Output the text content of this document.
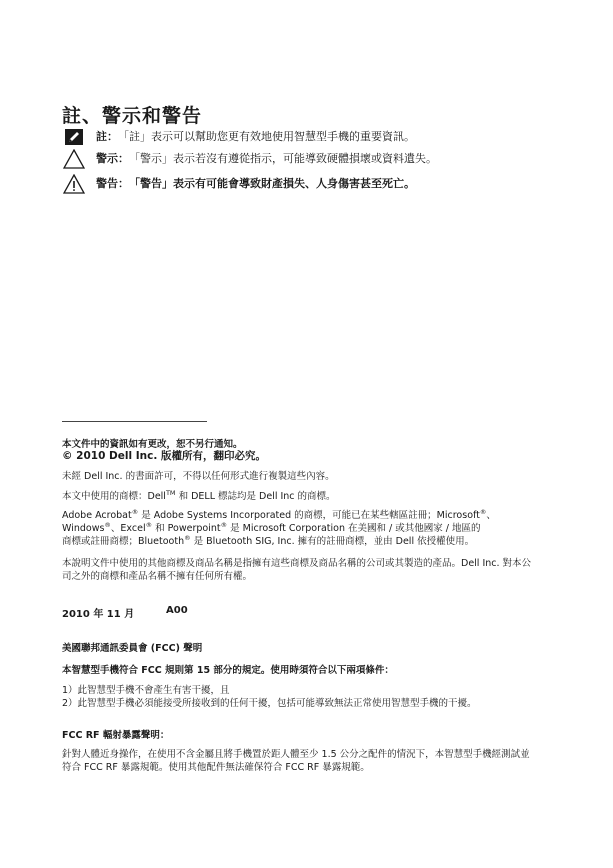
註、警示和警告
註： 「註」表示可以幫助您更有效地使用智慧型手機的重要資訊。
警示： 「警示」表示若沒有遵從指示，可能導致硬體損壞或資料遺失。
警告： 「警告」表示有可能會導致財產損失、人身傷害甚至死亡。
本文件中的資訊如有更改，恕不另行通知。
© 2010 Dell Inc. 版權所有，翻印必究。
未經 Dell Inc. 的書面許可，不得以任何形式進行複製這些內容。
本文中使用的商標：Dell™ 和 DELL 標誌均是 Dell Inc 的商標。
Adobe Acrobat® 是 Adobe Systems Incorporated 的商標，可能已在某些轄區註冊；Microsoft®、
Windows®、Excel® 和 Powerpoint® 是 Microsoft Corporation 在美國和 / 或其他國家 / 地區的
商標或註冊商標；Bluetooth® 是 Bluetooth SIG, Inc. 擁有的註冊商標，並由 Dell 依授權使用。
本說明文件中使用的其他商標及商品名稱是指擁有這些商標及商品名稱的公司或其製造的產品。Dell Inc. 對本公司之外的商標和產品名稱不擁有任何所有權。
2010 年 11 月	A00
美國聯邦通訊委員會 (FCC) 聲明
本智慧型手機符合 FCC 規則第 15 部分的規定。使用時須符合以下兩項條件：
1）此智慧型手機不會產生有害干擾，且
2）此智慧型手機必須能接受所接收到的任何干擾，包括可能導致無法正常使用智慧型手機的干擾。
FCC RF 輻射暴露聲明：
針對人體近身操作，在使用不含金屬且將手機置於距人體至少 1.5 公分之配件的情況下，本智慧型手機經測試並符合 FCC RF 暴露規範。使用其他配件無法確保符合 FCC RF 暴露規範。
